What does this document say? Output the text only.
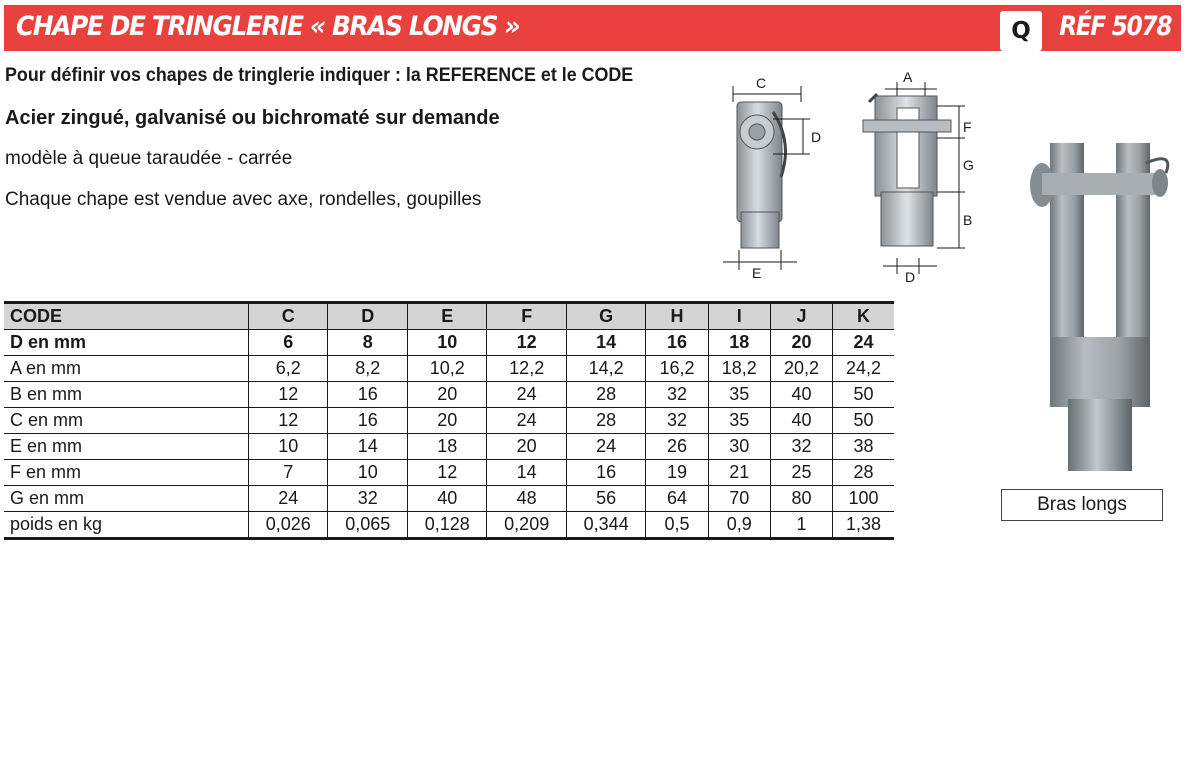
CHAPE DE TRINGLERIE « BRAS LONGS »	Q	RÉF 5078
Pour définir vos chapes de tringlerie indiquer : la REFERENCE et le CODE
Acier zingué, galvanisé ou bichromaté sur demande
modèle à queue taraudée - carrée
Chaque chape est vendue avec axe, rondelles, goupilles
C
D
E
A
F
G
B
D
CODE	C	D	E	F	G	H	I	J	K
D en mm	6	8	10	12	14	16	18	20	24
A en mm	6,2	8,2	10,2	12,2	14,2	16,2	18,2	20,2	24,2
B en mm	12	16	20	24	28	32	35	40	50
C en mm	12	16	20	24	28	32	35	40	50
E en mm	10	14	18	20	24	26	30	32	38
F en mm	7	10	12	14	16	19	21	25	28
G en mm	24	32	40	48	56	64	70	80	100
poids en kg	0,026	0,065	0,128	0,209	0,344	0,5	0,9	1	1,38
Bras longs
